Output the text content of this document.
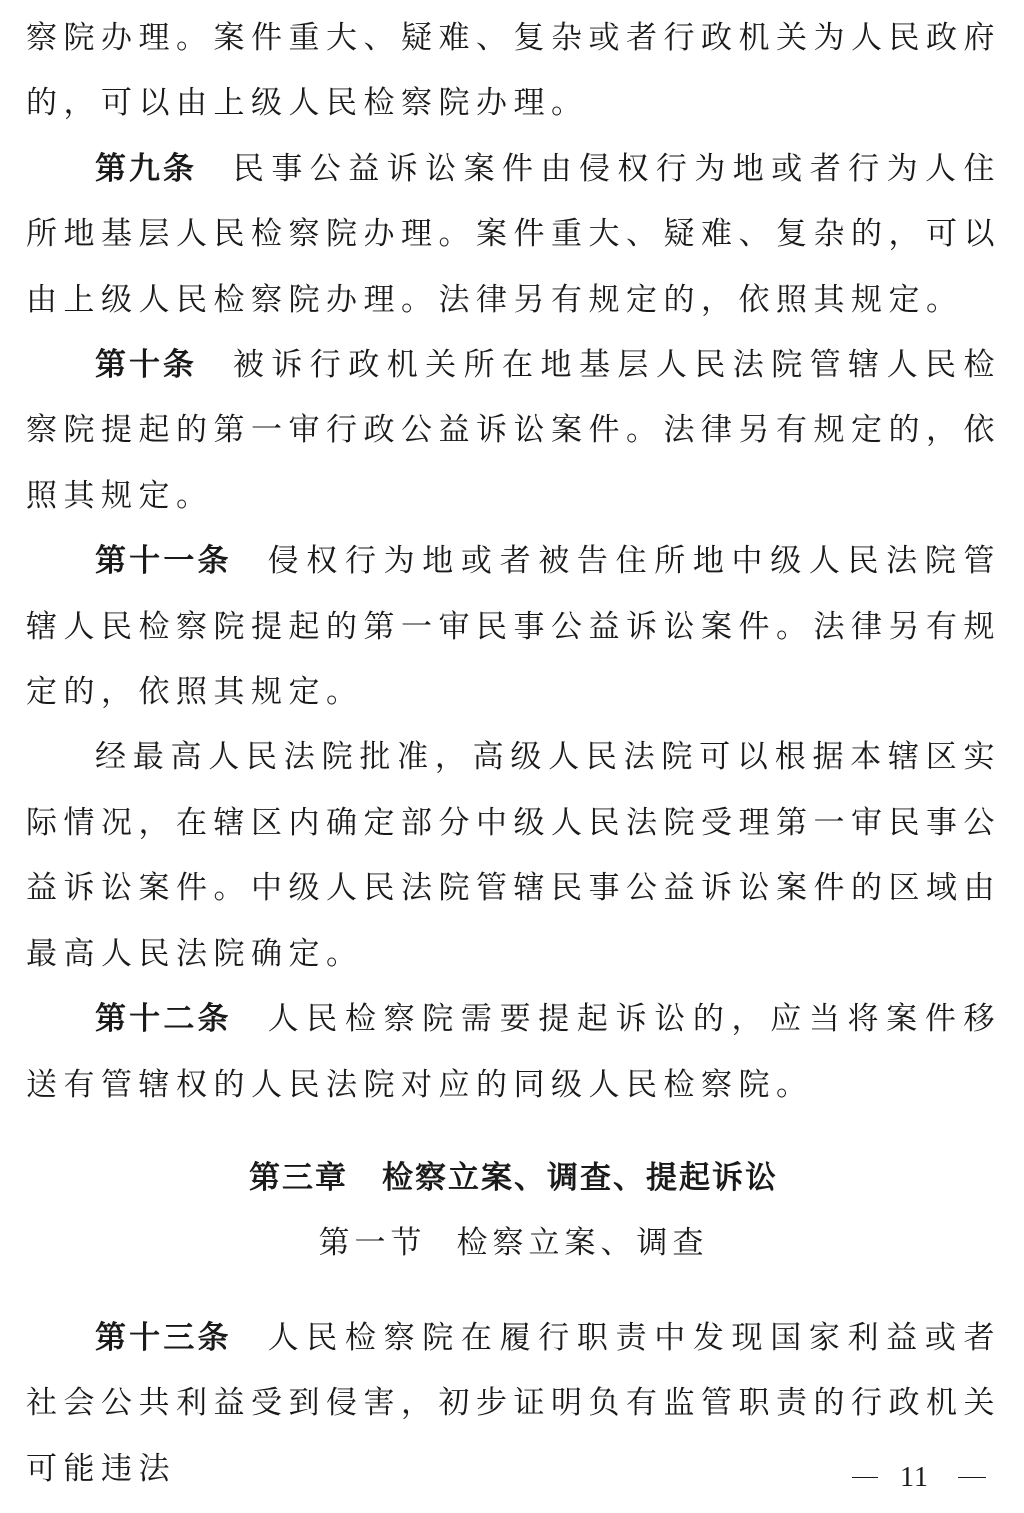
察院办理。案件重大、疑难、复杂或者行政机关为人民政府的，可以由上级人民检察院办理。

第九条 民事公益诉讼案件由侵权行为地或者行为人住所地基层人民检察院办理。案件重大、疑难、复杂的，可以由上级人民检察院办理。法律另有规定的，依照其规定。

第十条 被诉行政机关所在地基层人民法院管辖人民检察院提起的第一审行政公益诉讼案件。法律另有规定的，依照其规定。

第十一条 侵权行为地或者被告住所地中级人民法院管辖人民检察院提起的第一审民事公益诉讼案件。法律另有规定的，依照其规定。

经最高人民法院批准，高级人民法院可以根据本辖区实际情况，在辖区内确定部分中级人民法院受理第一审民事公益诉讼案件。中级人民法院管辖民事公益诉讼案件的区域由最高人民法院确定。

第十二条 人民检察院需要提起诉讼的，应当将案件移送有管辖权的人民法院对应的同级人民检察院。

第三章 检察立案、调查、提起诉讼

第一节 检察立案、调查

第十三条 人民检察院在履行职责中发现国家利益或者社会公共利益受到侵害，初步证明负有监管职责的行政机关可能违法	11
